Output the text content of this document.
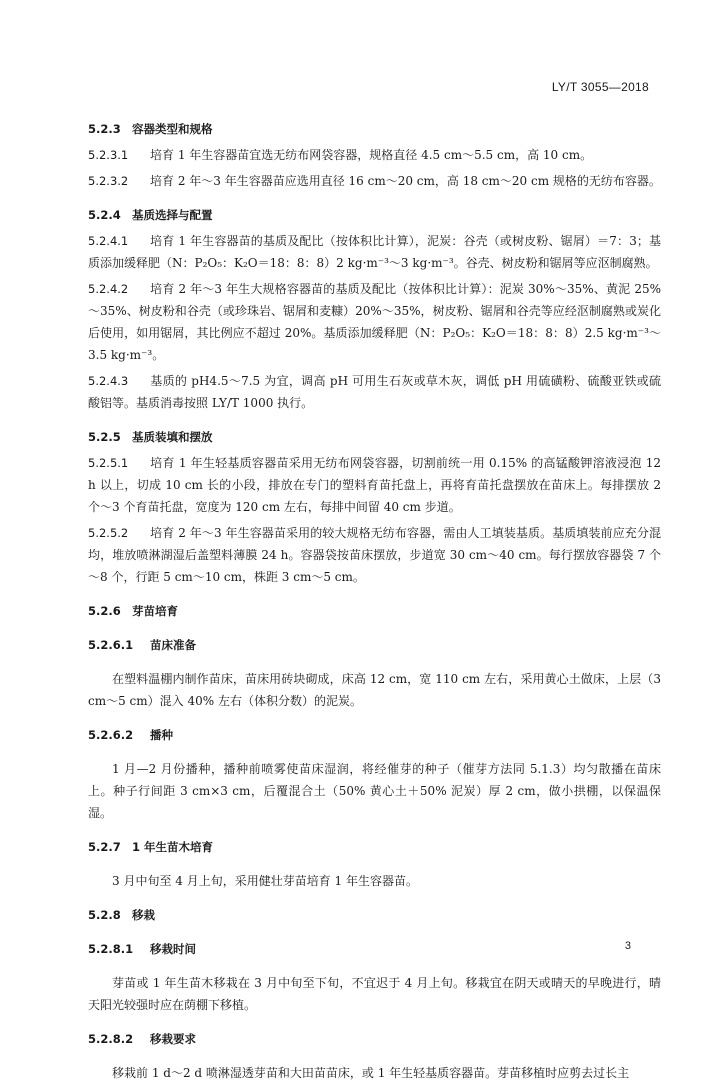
LY/T 3055—2018
5.2.3 容器类型和规格
5.2.3.1 培育 1 年生容器苗宜选无纺布网袋容器，规格直径 4.5 cm～5.5 cm，高 10 cm。
5.2.3.2 培育 2 年～3 年生容器苗应选用直径 16 cm～20 cm，高 18 cm～20 cm 规格的无纺布容器。
5.2.4 基质选择与配置
5.2.4.1 培育 1 年生容器苗的基质及配比（按体积比计算），泥炭：谷壳（或树皮粉、锯屑）＝7：3；基质添加缓释肥（N：P₂O₅：K₂O＝18：8：8）2 kg·m⁻³～3 kg·m⁻³。谷壳、树皮粉和锯屑等应沤制腐熟。
5.2.4.2 培育 2 年～3 年生大规格容器苗的基质及配比（按体积比计算）：泥炭 30%～35%、黄泥 25%～35%、树皮粉和谷壳（或珍珠岩、锯屑和麦糠）20%～35%，树皮粉、锯屑和谷壳等应经沤制腐熟或炭化后使用，如用锯屑，其比例应不超过 20%。基质添加缓释肥（N：P₂O₅：K₂O＝18：8：8）2.5 kg·m⁻³～3.5 kg·m⁻³。
5.2.4.3 基质的 pH4.5～7.5 为宜，调高 pH 可用生石灰或草木灰，调低 pH 用硫磺粉、硫酸亚铁或硫酸铝等。基质消毒按照 LY/T 1000 执行。
5.2.5 基质装填和摆放
5.2.5.1 培育 1 年生轻基质容器苗采用无纺布网袋容器，切割前统一用 0.15% 的高锰酸钾溶液浸泡 12 h 以上，切成 10 cm 长的小段，排放在专门的塑料育苗托盘上，再将育苗托盘摆放在苗床上。每排摆放 2 个～3 个育苗托盘，宽度为 120 cm 左右，每排中间留 40 cm 步道。
5.2.5.2 培育 2 年～3 年生容器苗采用的较大规格无纺布容器，需由人工填装基质。基质填装前应充分混均，堆放喷淋湖湿后盖塑料薄膜 24 h。容器袋按苗床摆放，步道宽 30 cm～40 cm。每行摆放容器袋 7 个～8 个，行距 5 cm～10 cm，株距 3 cm～5 cm。
5.2.6 芽苗培育
5.2.6.1 苗床准备
在塑料温棚内制作苗床，苗床用砖块砌成，床高 12 cm，宽 110 cm 左右，采用黄心土做床，上层（3 cm～5 cm）混入 40% 左右（体积分数）的泥炭。
5.2.6.2 播种
1 月—2 月份播种，播种前喷雾使苗床湿润，将经催芽的种子（催芽方法同 5.1.3）均匀散播在苗床上。种子行间距 3 cm×3 cm，后覆混合土（50% 黄心土＋50% 泥炭）厚 2 cm，做小拱棚，以保温保湿。
5.2.7 1 年生苗木培育
3 月中旬至 4 月上旬，采用健壮芽苗培育 1 年生容器苗。
5.2.8 移栽
5.2.8.1 移栽时间
芽苗或 1 年生苗木移栽在 3 月中旬至下旬，不宜迟于 4 月上旬。移栽宜在阴天或晴天的早晚进行，晴天阳光较强时应在荫棚下移植。
5.2.8.2 移栽要求
移栽前 1 d～2 d 喷淋湿透芽苗和大田苗苗床，或 1 年生轻基质容器苗。芽苗移植时应剪去过长主
3
